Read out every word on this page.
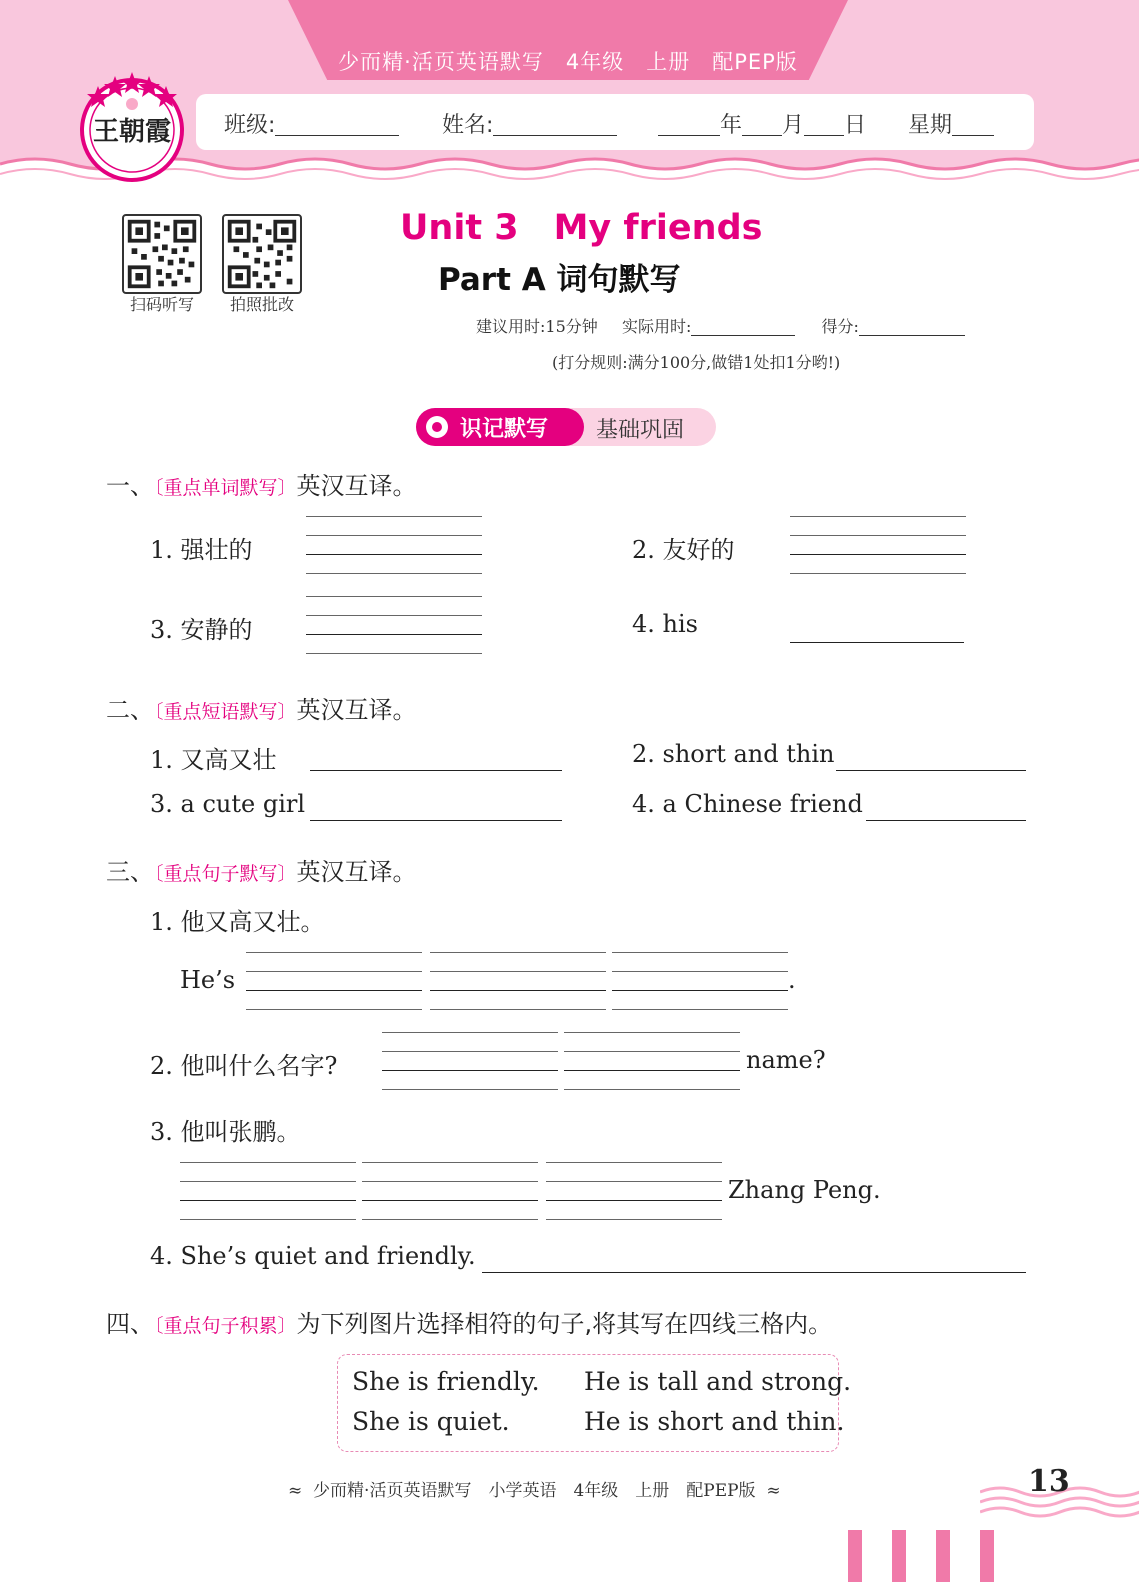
少而精·活页英语默写　4年级　上册　配PEP版
班级:	姓名:	年 月 日 星期
王朝霞
扫码听写	拍照批改
Unit 3　My friends
Part A 词句默写
建议用时:15分钟 实际用时:	得分:
(打分规则:满分100分,做错1处扣1分哟!)
识记默写 基础巩固
一、〔重点单词默写〕英汉互译。
1. 强壮的	2. 友好的
3. 安静的	4. his
二、〔重点短语默写〕英汉互译。
1. 又高又壮	2. short and thin
3. a cute girl	4. a Chinese friend
三、〔重点句子默写〕英汉互译。
1. 他又高又壮。
He’s	.
2. 他叫什么名字?	name?
3. 他叫张鹏。
Zhang Peng.
4. She’s quiet and friendly.
四、〔重点句子积累〕为下列图片选择相符的句子,将其写在四线三格内。
She is friendly. He is tall and strong.
She is quiet.	He is short and thin.
≈  少而精·活页英语默写　小学英语　4年级　上册　配PEP版  ≈	13
